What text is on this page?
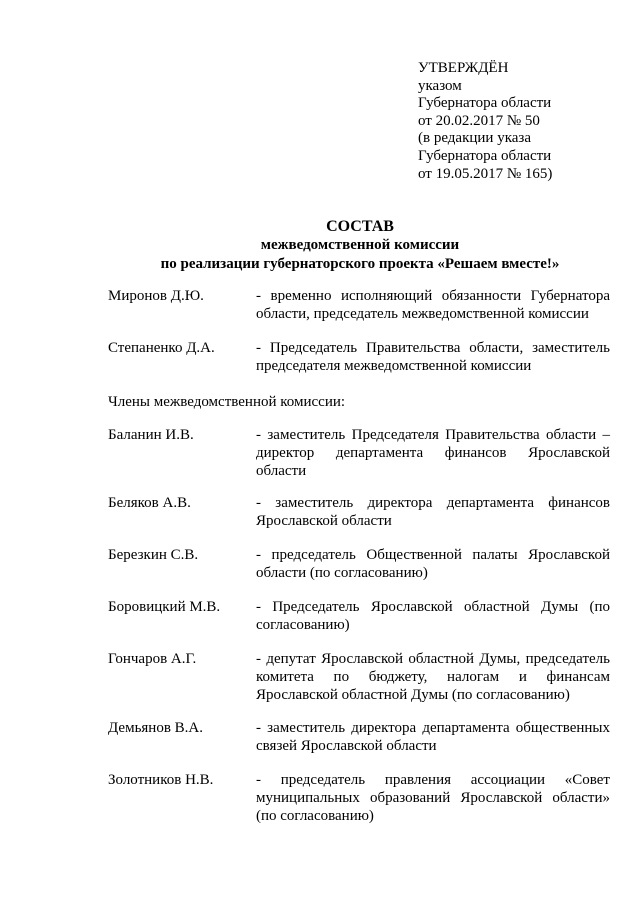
УТВЕРЖДЁН
указом
Губернатора области
от 20.02.2017 № 50
(в редакции указа
Губернатора области
от 19.05.2017 № 165)
СОСТАВ
межведомственной комиссии
по реализации губернаторского проекта «Решаем вместе!»
Миронов Д.Ю.	- временно исполняющий обязанности Губернатора области, председатель межведомственной комиссии
Степаненко Д.А.	- Председатель Правительства области, заместитель председателя межведомственной комиссии
Члены межведомственной комиссии:
Баланин И.В.	- заместитель Председателя Правительства области – директор департамента финансов Ярославской области
Беляков А.В.	- заместитель директора департамента финансов Ярославской области
Березкин С.В.	- председатель Общественной палаты Ярославской области (по согласованию)
Боровицкий М.В. - Председатель Ярославской областной Думы (по согласованию)
Гончаров А.Г.	- депутат Ярославской областной Думы, председатель комитета по бюджету, налогам и финансам Ярославской областной Думы (по согласованию)
Демьянов В.А.	- заместитель директора департамента общественных связей Ярославской области
Золотников Н.В.	- председатель правления ассоциации «Совет муниципальных образований Ярославской области» (по согласованию)
